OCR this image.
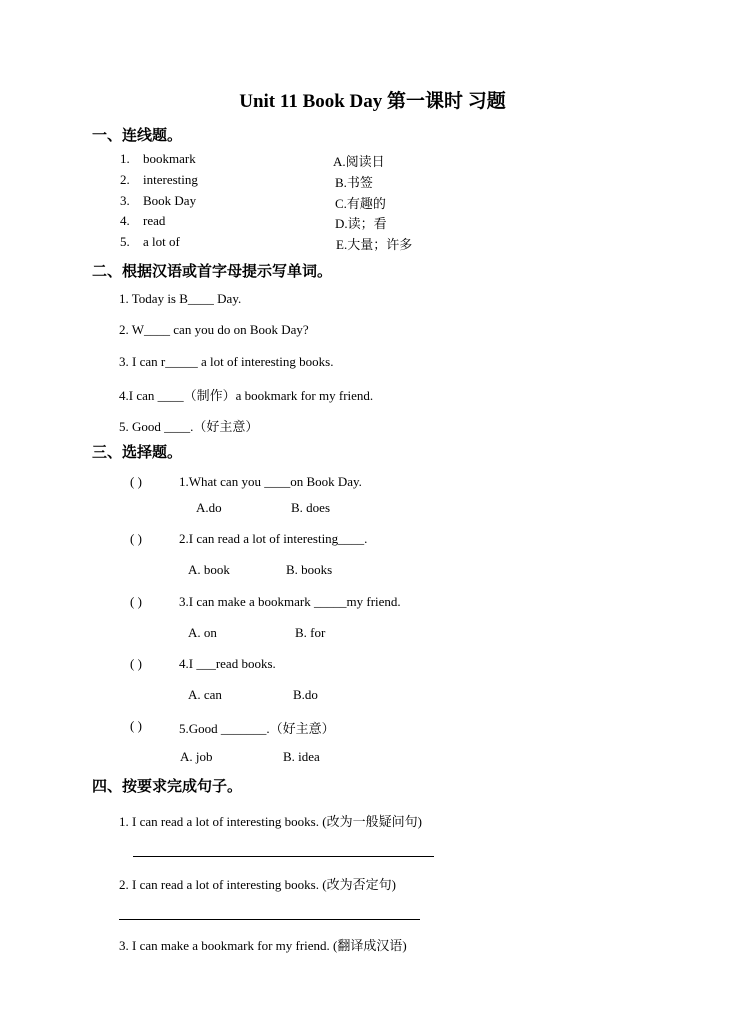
Unit 11 Book Day 第一课时 习题
一、连线题。
1. bookmark	A.阅读日
2. interesting	B.书签
3. Book Day	C.有趣的
4. read	D.读；看
5. a lot of	E.大量；许多
二、根据汉语或首字母提示写单词。
1. Today is B____ Day.
2. W____ can you do on Book Day?
3. I can r_____ a lot of interesting books.
4.I can ____（制作）a bookmark for my friend.
5. Good ____.（好主意）
三、选择题。
( )	1.What can you ____on Book Day.
A.do	B. does
( )	2.I can read a lot of interesting____.
A. book	B. books
( )	3.I can make a bookmark _____my friend.
A. on	B. for
( )	4.I ___read books.
A. can	B.do
( )	5.Good _______.（好主意）
A. job	B. idea
四、按要求完成句子。
1. I can read a lot of interesting books. (改为一般疑问句)
2. I can read a lot of interesting books. (改为否定句)
3. I can make a bookmark for my friend. (翻译成汉语)
